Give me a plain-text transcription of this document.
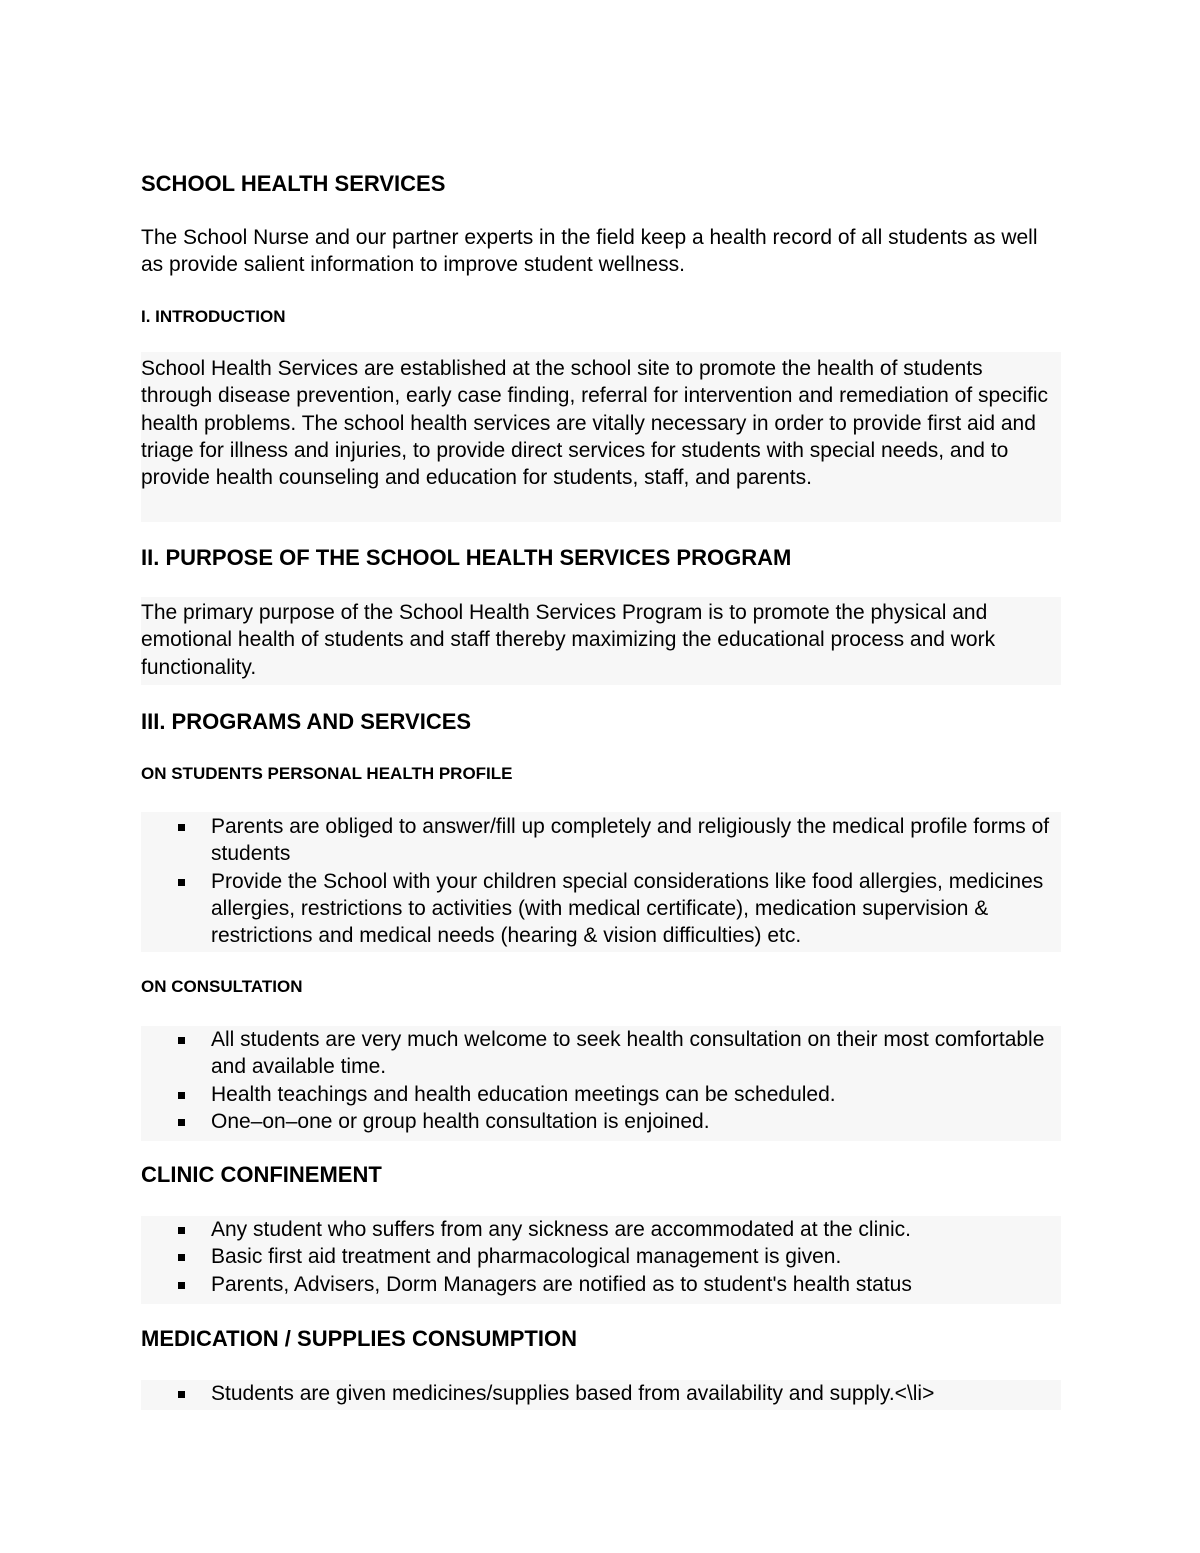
SCHOOL HEALTH SERVICES
The School Nurse and our partner experts in the field keep a health record of all students as well as provide salient information to improve student wellness.
I. INTRODUCTION
School Health Services are established at the school site to promote the health of students through disease prevention, early case finding, referral for intervention and remediation of specific health problems. The school health services are vitally necessary in order to provide first aid and triage for illness and injuries, to provide direct services for students with special needs, and to provide health counseling and education for students, staff, and parents.
II. PURPOSE OF THE SCHOOL HEALTH SERVICES PROGRAM
The primary purpose of the School Health Services Program is to promote the physical and emotional health of students and staff thereby maximizing the educational process and work functionality.
III. PROGRAMS AND SERVICES
ON STUDENTS PERSONAL HEALTH PROFILE
Parents are obliged to answer/fill up completely and religiously the medical profile forms of students
Provide the School with your children special considerations like food allergies, medicines allergies, restrictions to activities (with medical certificate), medication supervision & restrictions and medical needs (hearing & vision difficulties) etc.
ON CONSULTATION
All students are very much welcome to seek health consultation on their most comfortable and available time.
Health teachings and health education meetings can be scheduled.
One–on–one or group health consultation is enjoined.
CLINIC CONFINEMENT
Any student who suffers from any sickness are accommodated at the clinic.
Basic first aid treatment and pharmacological management is given.
Parents, Advisers, Dorm Managers are notified as to student's health status
MEDICATION / SUPPLIES CONSUMPTION
Students are given medicines/supplies based from availability and supply.<\li>
